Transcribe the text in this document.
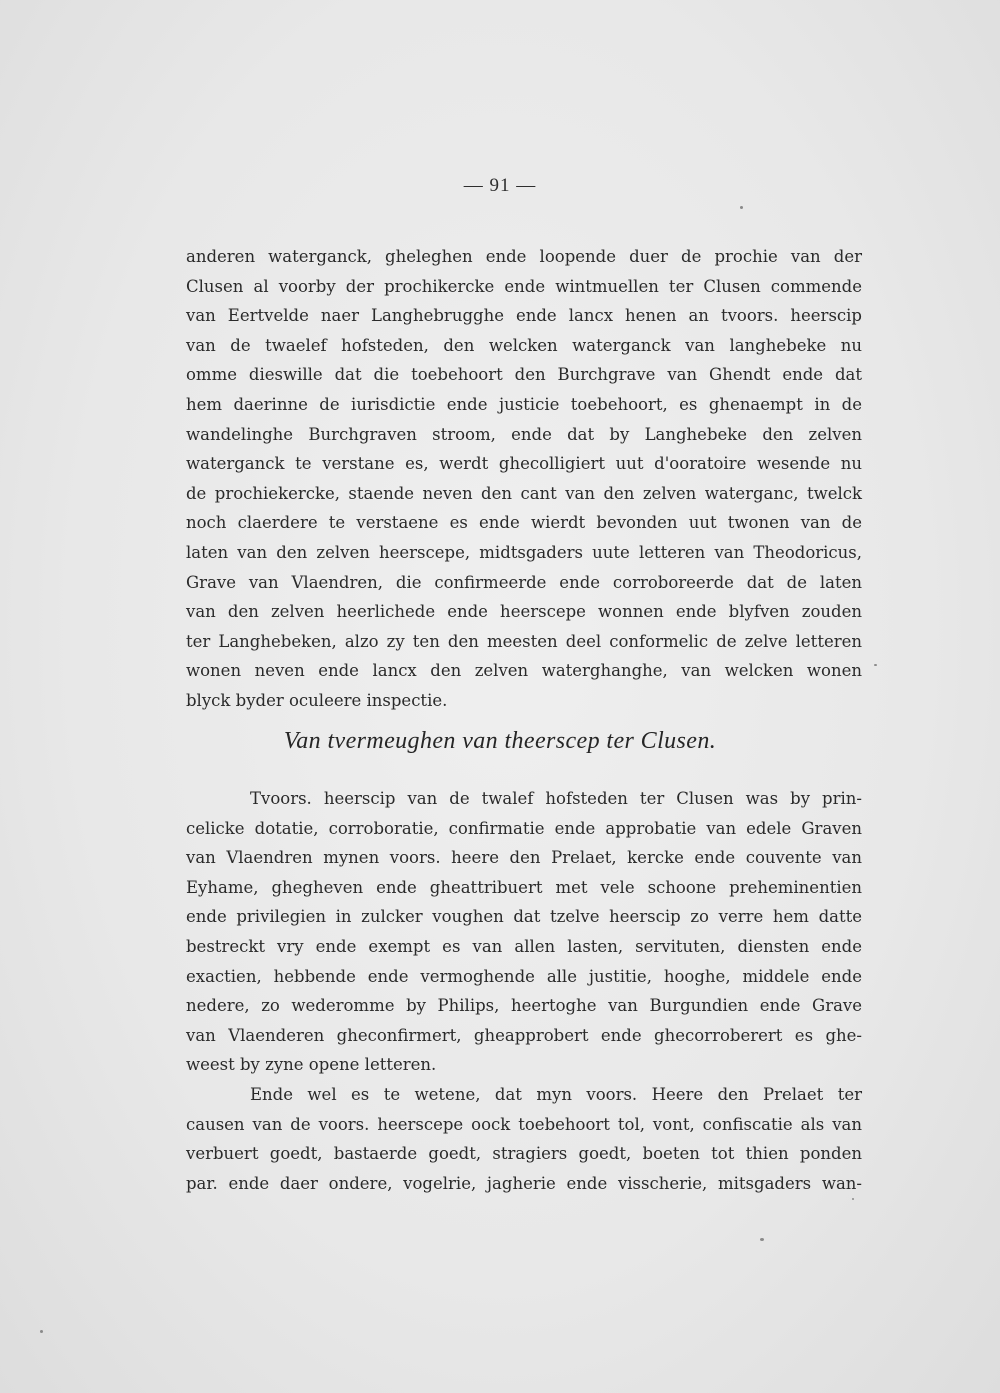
— 91 —
anderen waterganck, gheleghen ende loopende duer de prochie van der
Clusen al voorby der prochikercke ende wintmuellen ter Clusen commende
van Eertvelde naer Langhebrugghe ende lancx henen an tvoors. heerscip
van de twaelef hofsteden, den welcken waterganck van langhebeke nu
omme dieswille dat die toebehoort den Burchgrave van Ghendt ende dat
hem daerinne de iurisdictie ende justicie toebehoort, es ghenaempt in de
wandelinghe Burchgraven stroom, ende dat by Langhebeke den zelven
waterganck te verstane es, werdt ghecolligiert uut d'ooratoire wesende nu
de prochiekercke, staende neven den cant van den zelven waterganc, twelck
noch claerdere te verstaene es ende wierdt bevonden uut twonen van de
laten van den zelven heerscepe, midtsgaders uute letteren van Theodoricus,
Grave van Vlaendren, die confirmeerde ende corroboreerde dat de laten
van den zelven heerlichede ende heerscepe wonnen ende blyfven zouden
ter Langhebeken, alzo zy ten den meesten deel conformelic de zelve letteren
wonen neven ende lancx den zelven waterghanghe, van welcken wonen
blyck byder oculeere inspectie.
Van tvermeughen van theerscep ter Clusen.
Tvoors. heerscip van de twalef hofsteden ter Clusen was by prin-
celicke dotatie, corroboratie, confirmatie ende approbatie van edele Graven
van Vlaendren mynen voors. heere den Prelaet, kercke ende couvente van
Eyhame, ghegheven ende gheattribuert met vele schoone preheminentien
ende privilegien in zulcker voughen dat tzelve heerscip zo verre hem datte
bestreckt vry ende exempt es van allen lasten, servituten, diensten ende
exactien, hebbende ende vermoghende alle justitie, hooghe, middele ende
nedere, zo wederomme by Philips, heertoghe van Burgundien ende Grave
van Vlaenderen gheconfirmert, gheapprobert ende ghecorroberert es ghe-
weest by zyne opene letteren.
Ende wel es te wetene, dat myn voors. Heere den Prelaet ter
causen van de voors. heerscepe oock toebehoort tol, vont, confiscatie als van
verbuert goedt, bastaerde goedt, stragiers goedt, boeten tot thien ponden
par. ende daer ondere, vogelrie, jagherie ende visscherie, mitsgaders wan-
